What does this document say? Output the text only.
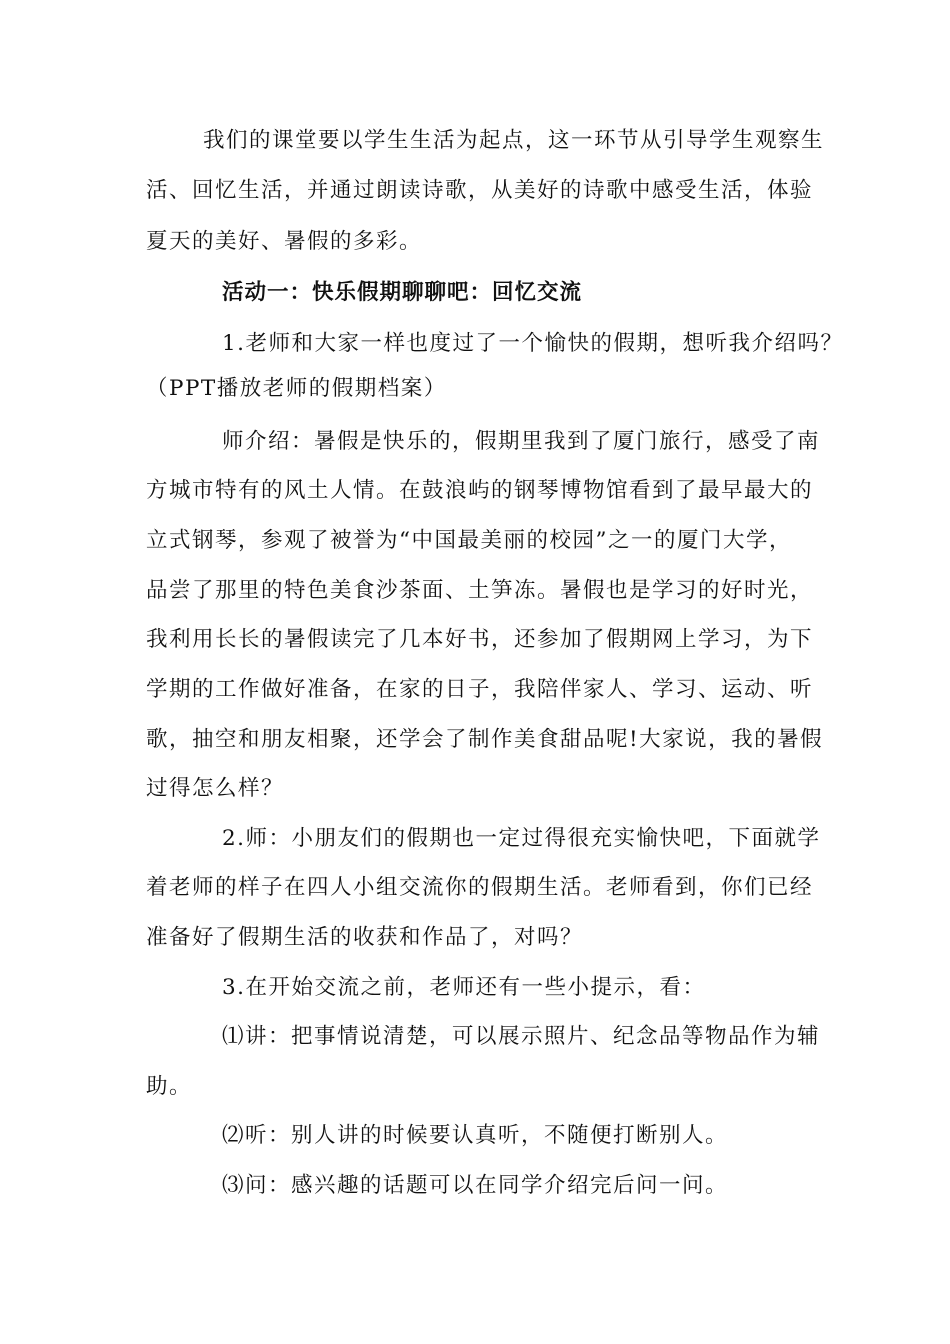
我们的课堂要以学生生活为起点，这一环节从引导学生观察生
活、回忆生活，并通过朗读诗歌，从美好的诗歌中感受生活，体验
夏天的美好、暑假的多彩。
活动一：快乐假期聊聊吧：回忆交流
1.老师和大家一样也度过了一个愉快的假期，想听我介绍吗？
（PPT播放老师的假期档案）
师介绍：暑假是快乐的，假期里我到了厦门旅行，感受了南
方城市特有的风土人情。在鼓浪屿的钢琴博物馆看到了最早最大的
立式钢琴，参观了被誉为“中国最美丽的校园”之一的厦门大学，
品尝了那里的特色美食沙茶面、土笋冻。暑假也是学习的好时光，
我利用长长的暑假读完了几本好书，还参加了假期网上学习，为下
学期的工作做好准备，在家的日子，我陪伴家人、学习、运动、听
歌，抽空和朋友相聚，还学会了制作美食甜品呢!大家说，我的暑假
过得怎么样？
2.师：小朋友们的假期也一定过得很充实愉快吧，下面就学
着老师的样子在四人小组交流你的假期生活。老师看到，你们已经
准备好了假期生活的收获和作品了，对吗？
3.在开始交流之前，老师还有一些小提示，看：
⑴讲：把事情说清楚，可以展示照片、纪念品等物品作为辅
助。
⑵听：别人讲的时候要认真听，不随便打断别人。
⑶问：感兴趣的话题可以在同学介绍完后问一问。
